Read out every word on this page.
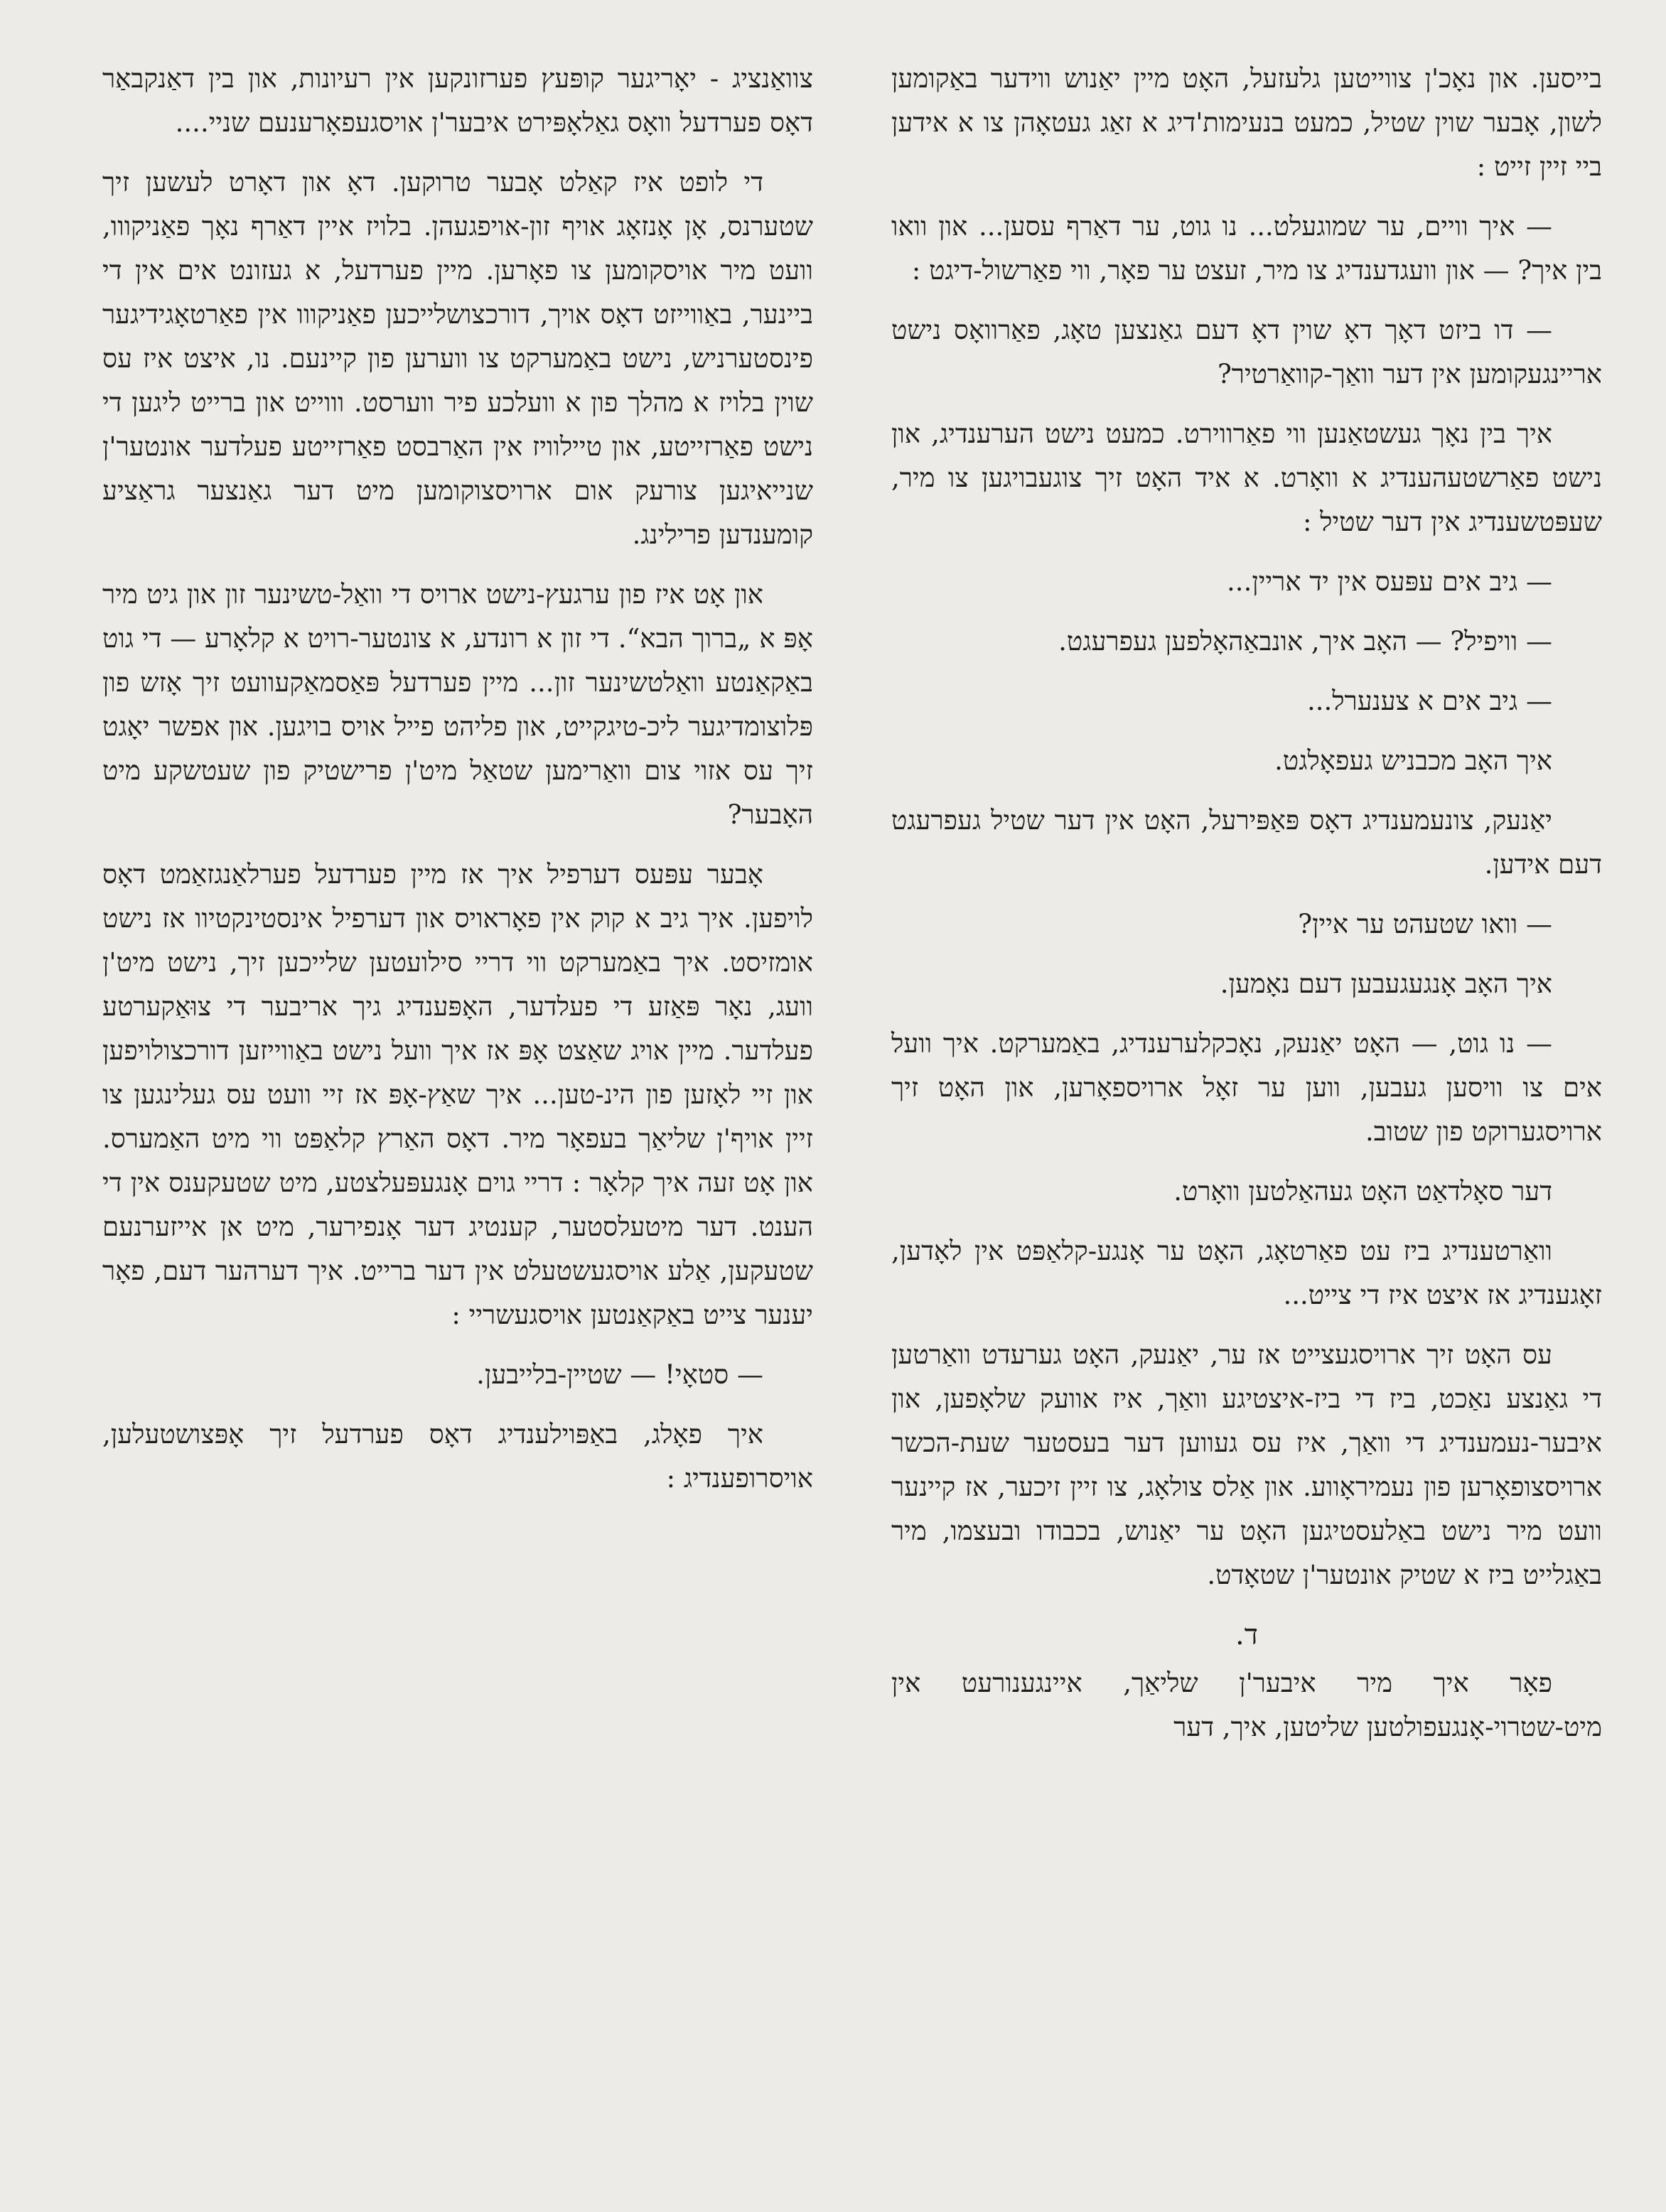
בייסען. און נאָכ'ן צווייטען גלעזעל, האָט מיין יאַנוש ווידער באַקומען לשון, אָבער שוין שטיל, כמעט בנעימות'דיג א זאַג געטאָהן צו א אידען ביי זיין זייט :

— איך וויים, ער שמוגעלט... נו גוט, ער דאַרף עסען... און וואו בין איך? — און וועגדענדיג צו מיר, זעצט ער פאָר, ווי פאַרשול-דיגט :

— דו ביזט דאָך דאָ שוין דאָ דעם גאַנצען טאָג, פאַרוואָס נישט אריינגעקומען אין דער וואַך-קוואַרטיר?

איך בין נאָך געשטאַנען ווי פאַרווירט. כמעט נישט הערענדיג, און נישט פאַרשטעהענדיג א וואָרט. א איד האָט זיך צוגעבויגען צו מיר, שעפּטשענדיג אין דער שטיל :

— גיב אים עפּעס אין יד אריין...

— וויפיל? — האָב איך, אונבאַהאָלפען געפרעגט.

— גיב אים א צענערל...

איך האָב מכבניש געפאָלגט.

יאַנעק, צונעמענדיג דאָס פּאַפּירעל, האָט אין דער שטיל געפרעגט דעם אידען.

— וואו שטעהט ער איין?

איך האָב אָנגעגעבען דעם נאָמען.

— נו גוט, — האָט יאַנעק, נאָכקלערענדיג, באַמערקט. איך וועל אים צו וויסען געבען, ווען ער זאָל ארויספאָרען, און האָט זיך ארויסגערוקט פון שטוב.

דער סאָלדאַט האָט געהאַלטען וואָרט.

וואַרטענדיג ביז עט פאַרטאָג, האָט ער אָנגע-קלאַפּט אין לאָדען, זאָגענדיג אז איצט איז די צייט...

עס האָט זיך ארויסגעצייט אז ער, יאַנעק, האָט גערעדט וואַרטען די גאַנצע נאַכט, ביז די ביז-איצטיגע וואַך, איז אוועק שלאָפען, און איבער-נעמענדיג די וואַך, איז עס געווען דער בעסטער שעת-הכשר ארויסצופאָרען פון נעמיראָווע. און אַלס צולאָג, צו זיין זיכער, אז קיינער וועט מיר נישט באַלעסטיגען האָט ער יאַנוש, בכבודו ובעצמו, מיר באַגלייט ביז א שטיק אונטער'ן שטאָדט.

ד.

פאָר איך מיר איבער'ן שליאַך, איינגענורעט אין מיט-שטרוי-אָנגעפולטען שליטען, איך, דער

צוואַנציג - יאָריגער קופּעץ פערזונקען אין רעיונות, און בין דאַנקבאַר דאָס פערדעל וואָס גאַלאָפּירט איבער'ן אויסגעפאָרענעם שניי....

די לופט איז קאַלט אָבער טרוקען. דאָ און דאָרט לעשען זיך שטערנס, אָן אָנזאָג אויף זון-אויפגעהן. בלויז איין דאַרף נאָך פאַניקווו, וועט מיר אויסקומען צו פאָרען. מיין פערדעל, א געזונט אים אין די ביינער, באַווייזט דאָס אויך, דורכצושלייכען פאַניקווו אין פאַרטאָגידיגער פינסטערניש, נישט באַמערקט צו ווערען פון קיינעם. נו, איצט איז עס שוין בלויז א מהלך פון א וועלכע פיר ווערסט. וווייט און ברייט ליגען די נישט פאַרזייטע, און טיילוויז אין האַרבסט פאַרזייטע פעלדער אונטער'ן שנייאיגען צורעק אום ארויסצוקומען מיט דער גאַנצער גראַציע קומענדען פרילינג.

און אָט איז פון ערגעץ-נישט ארויס די וואַל-טשינער זון און גיט מיר אָפּ א „ברוך הבא“. די זון א רונדע, א צונטער-רויט א קלאָרע — די גוט באַקאַנטע וואַלטשינער זון... מיין פערדעל פּאַסמאַקעוועט זיך אָזש פון פּלוצומדיגער ליכ-טיגקייט, און פליהט פייל אויס בויגען. און אפשר יאָגט זיך עס אזוי צום וואַרימען שטאַל מיט'ן פרישטיק פון שעטשקע מיט האָבער?

אָבער עפּעס דערפיל איך אז מיין פערדעל פערלאַנגזאַמט דאָס לויפען. איך גיב א קוק אין פאָראויס און דערפיל אינסטינקטיוו אז נישט אומזיסט. איך באַמערקט ווי דריי סילועטען שלייכען זיך, נישט מיט'ן וועג, נאָר פּאַזע די פעלדער, האָפּענדיג גיך אריבער די צוּאַקערטע פעלדער. מיין אויג שאַצט אָפּ אז איך וועל נישט באַווייזען דורכצולויפען און זיי לאָזען פון הינ-טען... איך שאַץ-אָפּ אז זיי וועט עס געלינגען צו זיין אויף'ן שליאַך בעפאָר מיר. דאָס האַרץ קלאַפּט ווי מיט האַמערס. און אָט זעה איך קלאָר : דריי גוים אָנגעפּעלצטע, מיט שטעקענס אין די הענט. דער מיטעלסטער, קענטיג דער אָנפירער, מיט אן אייזערנעם שטעקען, אַלע אויסגעשטעלט אין דער ברייט. איך דערהער דעם, פאָר יענער צייט באַקאַנטען אויסגעשריי :

— סטאָי! — שטיין-בלייבען.

איך פאָלג, באַפּוילענדיג דאָס פערדעל זיך אָפּצושטעלען, אויסרופענדיג :
